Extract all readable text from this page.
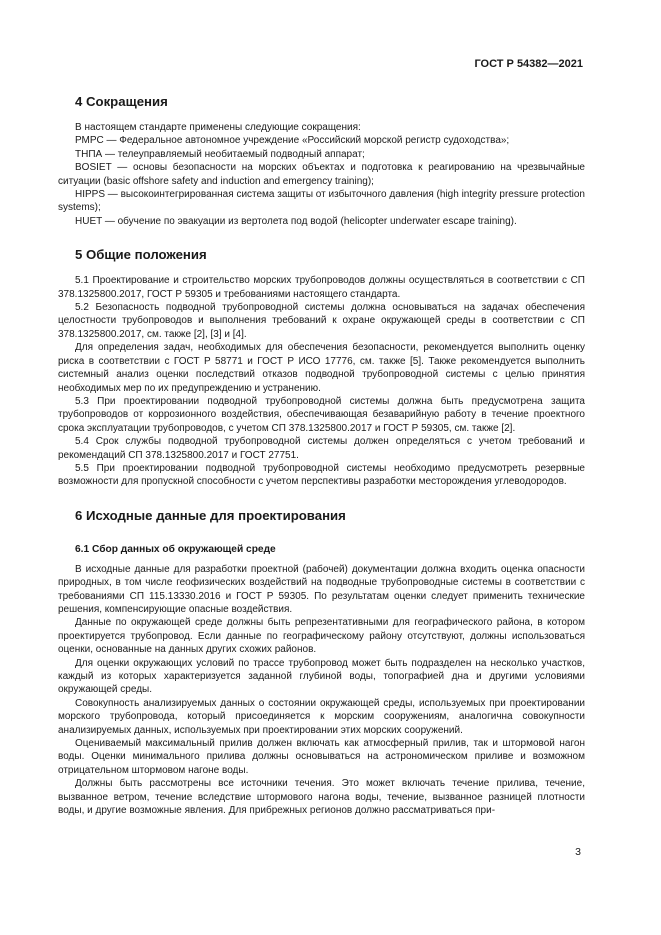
ГОСТ Р 54382—2021
4 Сокращения

В настоящем стандарте применены следующие сокращения:

РМРС — Федеральное автономное учреждение «Российский морской регистр судоходства»;

ТНПА — телеуправляемый необитаемый подводный аппарат;

BOSIET — основы безопасности на морских объектах и подготовка к реагированию на чрезвычайные ситуации (basic offshore safety and induction and emergency training);

HIPPS — высокоинтегрированная система защиты от избыточного давления (high integrity pressure protection systems);

HUET — обучение по эвакуации из вертолета под водой (helicopter underwater escape training).

5 Общие положения

5.1 Проектирование и строительство морских трубопроводов должны осуществляться в соответствии с СП 378.1325800.2017, ГОСТ Р 59305 и требованиями настоящего стандарта.

5.2 Безопасность подводной трубопроводной системы должна основываться на задачах обеспечения целостности трубопроводов и выполнения требований к охране окружающей среды в соответствии с СП 378.1325800.2017, см. также [2], [3] и [4].

Для определения задач, необходимых для обеспечения безопасности, рекомендуется выполнить оценку риска в соответствии с ГОСТ Р 58771 и ГОСТ Р ИСО 17776, см. также [5]. Также рекомендуется выполнить системный анализ оценки последствий отказов подводной трубопроводной системы с целью принятия необходимых мер по их предупреждению и устранению.

5.3 При проектировании подводной трубопроводной системы должна быть предусмотрена защита трубопроводов от коррозионного воздействия, обеспечивающая безаварийную работу в течение проектного срока эксплуатации трубопроводов, с учетом СП 378.1325800.2017 и ГОСТ Р 59305, см. также [2].

5.4 Срок службы подводной трубопроводной системы должен определяться с учетом требований и рекомендаций СП 378.1325800.2017 и ГОСТ 27751.

5.5 При проектировании подводной трубопроводной системы необходимо предусмотреть резервные возможности для пропускной способности с учетом перспективы разработки месторождения углеводородов.

6 Исходные данные для проектирования
6.1 Сбор данных об окружающей среде

В исходные данные для разработки проектной (рабочей) документации должна входить оценка опасности природных, в том числе геофизических воздействий на подводные трубопроводные системы в соответствии с требованиями СП 115.13330.2016 и ГОСТ Р 59305. По результатам оценки следует применить технические решения, компенсирующие опасные воздействия.

Данные по окружающей среде должны быть репрезентативными для географического района, в котором проектируется трубопровод. Если данные по географическому району отсутствуют, должны использоваться оценки, основанные на данных других схожих районов.

Для оценки окружающих условий по трассе трубопровод может быть подразделен на несколько участков, каждый из которых характеризуется заданной глубиной воды, топографией дна и другими условиями окружающей среды.

Совокупность анализируемых данных о состоянии окружающей среды, используемых при проектировании морского трубопровода, который присоединяется к морским сооружениям, аналогична совокупности анализируемых данных, используемых при проектировании этих морских сооружений.

Оцениваемый максимальный прилив должен включать как атмосферный прилив, так и штормовой нагон воды. Оценки минимального прилива должны основываться на астрономическом приливе и возможном отрицательном штормовом нагоне воды.

Должны быть рассмотрены все источники течения. Это может включать течение прилива, течение, вызванное ветром, течение вследствие штормового нагона воды, течение, вызванное разницей плотности воды, и другие возможные явления. Для прибрежных регионов должно рассматриваться при-

3
